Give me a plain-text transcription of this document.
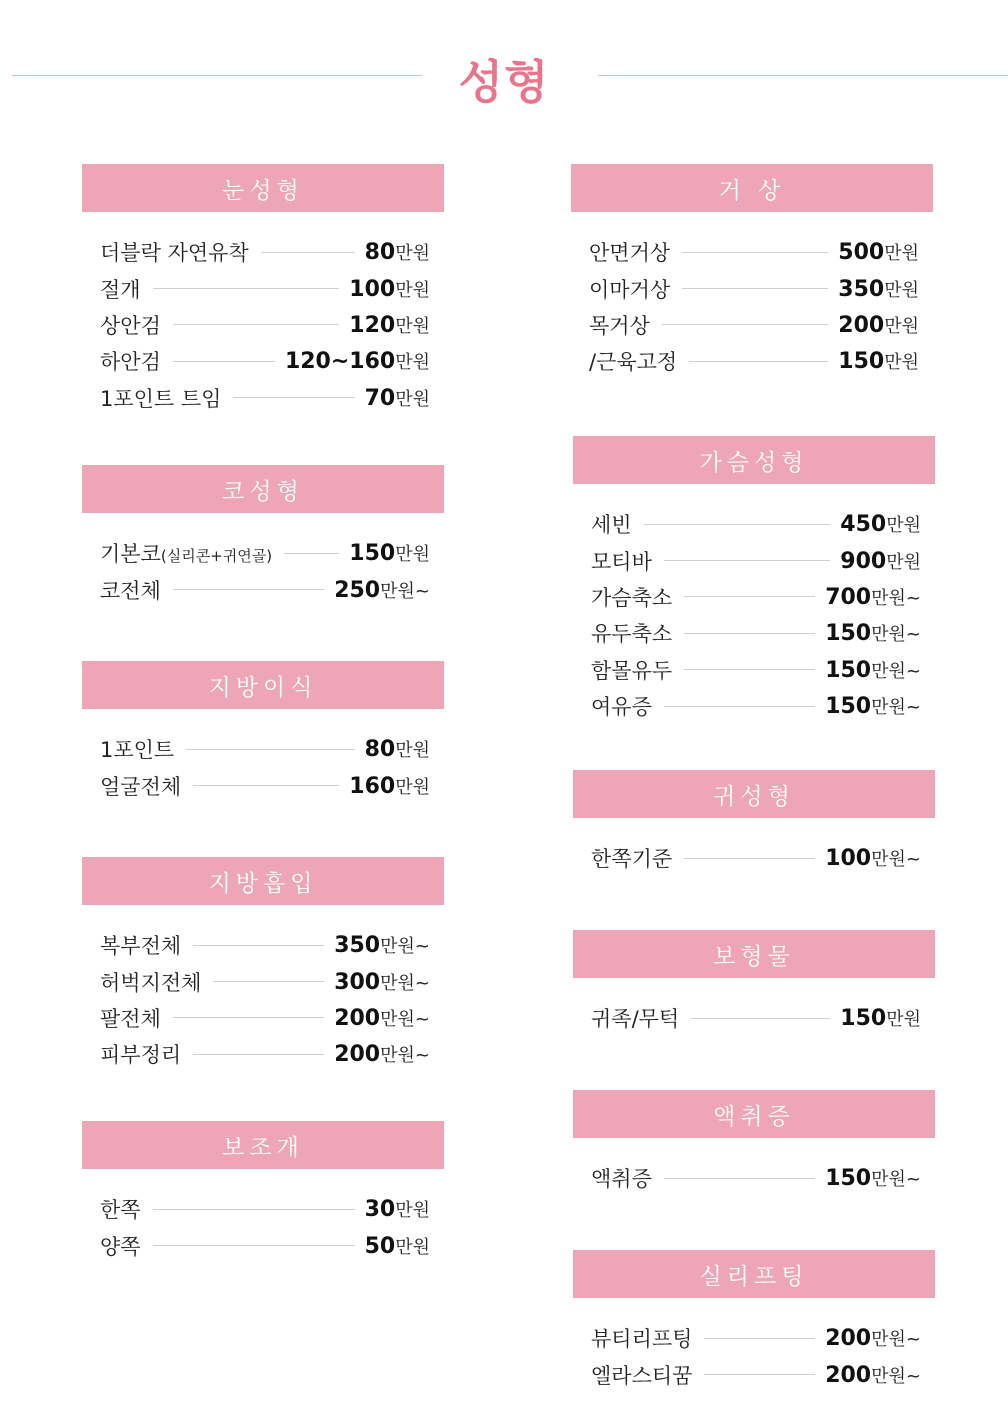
성형
눈성형
더블락 자연유착	80 만원
절개	100 만원
상안검	120 만원
하안검	120~160 만원
1포인트 트임	70 만원
코성형
기본코(실리콘+귀연골)	150 만원
코전체	250 만원 ~
지방이식
1포인트	80 만원
얼굴전체	160 만원
지방흡입
복부전체	350 만원 ~
허벅지전체	300 만원 ~
팔전체	200 만원 ~
피부정리	200 만원 ~
보조개
한쪽	30 만원
양쪽	50 만원
거 상
안면거상	500 만원
이마거상	350 만원
목거상	200 만원
/근육고정	150 만원
가슴성형
세빈	450 만원
모티바	900 만원
가슴축소	700 만원 ~
유두축소	150 만원 ~
함몰유두	150 만원 ~
여유증	150 만원 ~
귀성형
한쪽기준	100 만원 ~
보형물
귀족/무턱	150 만원
액취증
액취증	150 만원 ~
실리프팅
뷰티리프팅	200 만원 ~
엘라스티꿈	200 만원 ~
